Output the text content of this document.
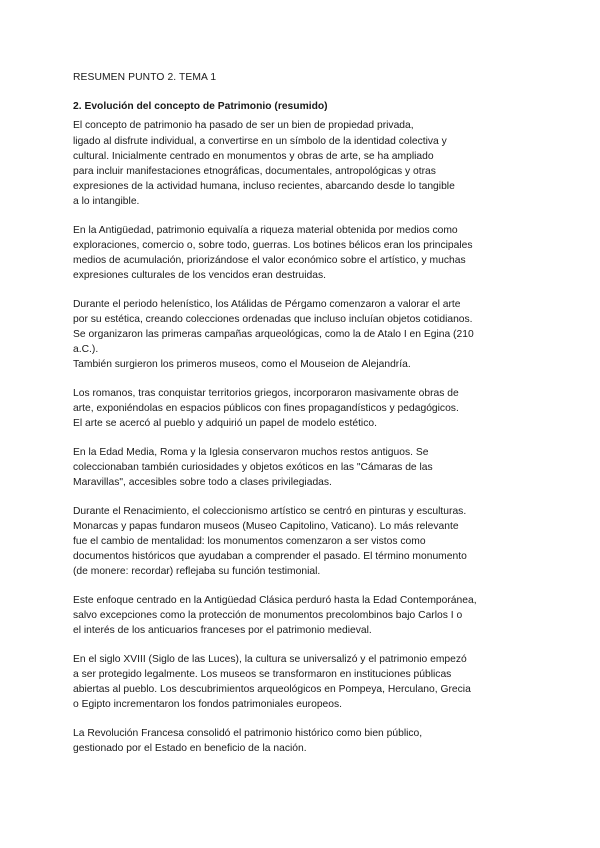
RESUMEN PUNTO 2. TEMA 1
2. Evolución del concepto de Patrimonio (resumido)
El concepto de patrimonio ha pasado de ser un bien de propiedad privada,
ligado al disfrute individual, a convertirse en un símbolo de la identidad colectiva y
cultural. Inicialmente centrado en monumentos y obras de arte, se ha ampliado
para incluir manifestaciones etnográficas, documentales, antropológicas y otras
expresiones de la actividad humana, incluso recientes, abarcando desde lo tangible
a lo intangible.
En la Antigüedad, patrimonio equivalía a riqueza material obtenida por medios como
exploraciones, comercio o, sobre todo, guerras. Los botines bélicos eran los principales
medios de acumulación, priorizándose el valor económico sobre el artístico, y muchas
expresiones culturales de los vencidos eran destruidas.
Durante el periodo helenístico, los Atálidas de Pérgamo comenzaron a valorar el arte
por su estética, creando colecciones ordenadas que incluso incluían objetos cotidianos.
Se organizaron las primeras campañas arqueológicas, como la de Atalo I en Egina (210
a.C.).
También surgieron los primeros museos, como el Mouseion de Alejandría.
Los romanos, tras conquistar territorios griegos, incorporaron masivamente obras de
arte, exponiéndolas en espacios públicos con fines propagandísticos y pedagógicos.
El arte se acercó al pueblo y adquirió un papel de modelo estético.
En la Edad Media, Roma y la Iglesia conservaron muchos restos antiguos. Se
coleccionaban también curiosidades y objetos exóticos en las "Cámaras de las
Maravillas", accesibles sobre todo a clases privilegiadas.
Durante el Renacimiento, el coleccionismo artístico se centró en pinturas y esculturas.
Monarcas y papas fundaron museos (Museo Capitolino, Vaticano). Lo más relevante
fue el cambio de mentalidad: los monumentos comenzaron a ser vistos como
documentos históricos que ayudaban a comprender el pasado. El término monumento
(de monere: recordar) reflejaba su función testimonial.
Este enfoque centrado en la Antigüedad Clásica perduró hasta la Edad Contemporánea,
salvo excepciones como la protección de monumentos precolombinos bajo Carlos I o
el interés de los anticuarios franceses por el patrimonio medieval.
En el siglo XVIII (Siglo de las Luces), la cultura se universalizó y el patrimonio empezó
a ser protegido legalmente. Los museos se transformaron en instituciones públicas
abiertas al pueblo. Los descubrimientos arqueológicos en Pompeya, Herculano, Grecia
o Egipto incrementaron los fondos patrimoniales europeos.
La Revolución Francesa consolidó el patrimonio histórico como bien público,
gestionado por el Estado en beneficio de la nación.
